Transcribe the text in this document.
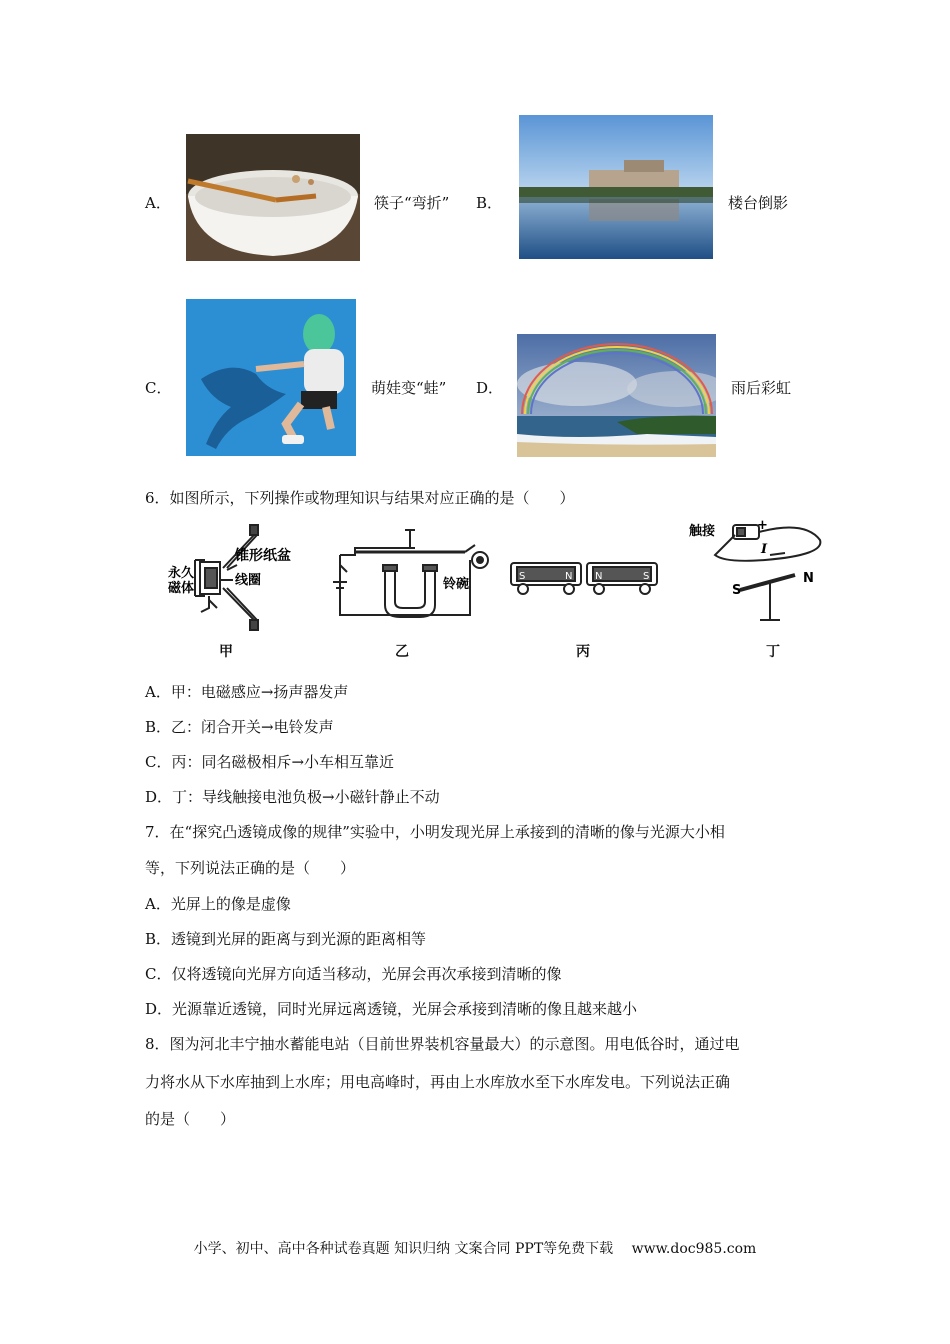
A．	筷子“弯折” B．	楼台倒影
C．	萌娃变“蛙” D．	雨后彩虹
6．如图所示，下列操作或物理知识与结果对应正确的是（　　）
锥形纸盆
线圈
永久
磁体
甲
铃碗
乙
S	N N	S
丙
触接	+
I
S
N
丁
A．甲：电磁感应→扬声器发声
B．乙：闭合开关→电铃发声
C．丙：同名磁极相斥→小车相互靠近
D．丁：导线触接电池负极→小磁针静止不动
7．在“探究凸透镜成像的规律”实验中，小明发现光屏上承接到的清晰的像与光源大小相
等，下列说法正确的是（　　）
A．光屏上的像是虚像
B．透镜到光屏的距离与到光源的距离相等
C．仅将透镜向光屏方向适当移动，光屏会再次承接到清晰的像
D．光源靠近透镜，同时光屏远离透镜，光屏会承接到清晰的像且越来越小
8．图为河北丰宁抽水蓄能电站（目前世界装机容量最大）的示意图。用电低谷时，通过电
力将水从下水库抽到上水库；用电高峰时，再由上水库放水至下水库发电。下列说法正确
的是（　　）
小学、初中、高中各种试卷真题 知识归纳 文案合同 PPT等免费下载　 www.doc985.com
